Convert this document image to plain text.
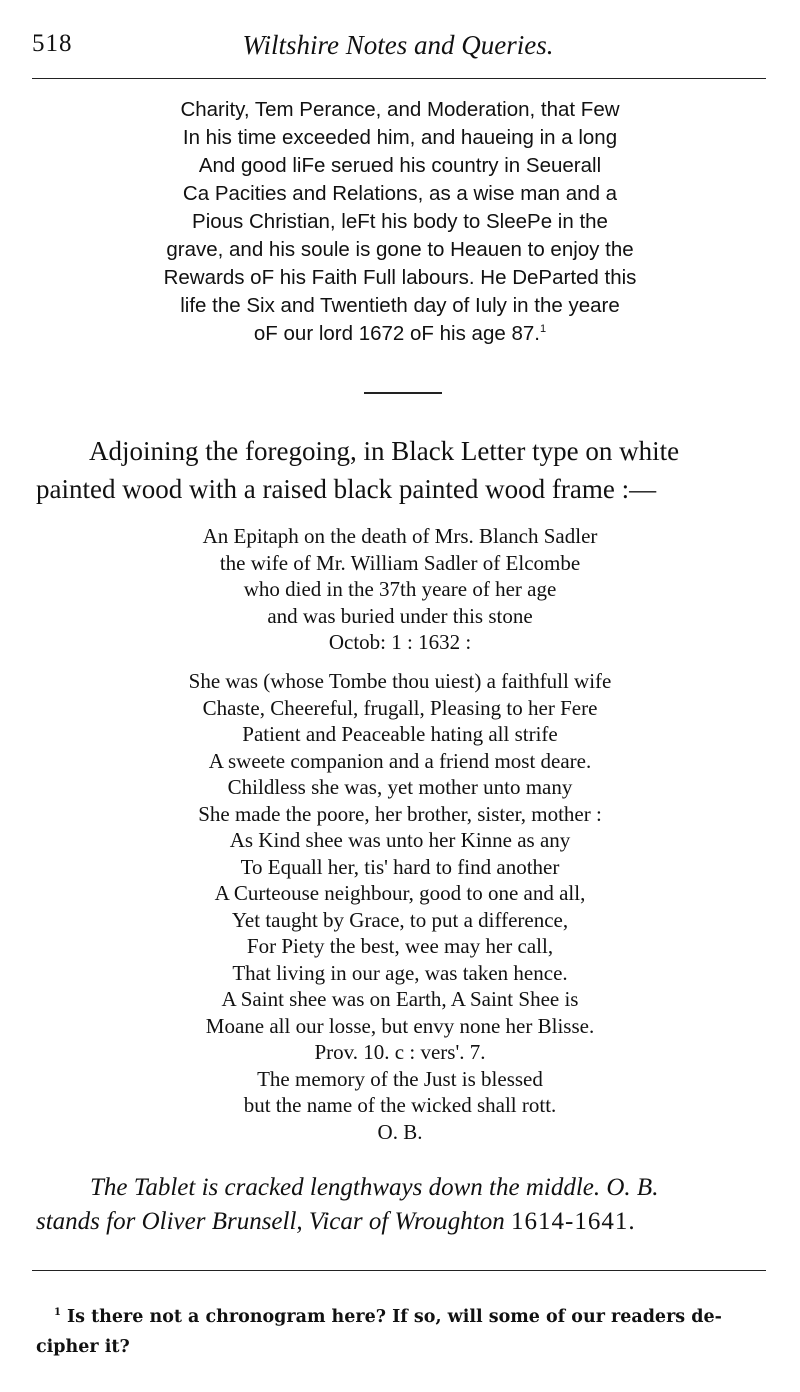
518	Wiltshire Notes and Queries.
Charity, Tem Perance, and Moderation, that Few
In his time exceeded him, and haueing in a long
And good liFe serued his country in Seuerall
Ca Pacities and Relations, as a wise man and a
Pious Christian, leFt his body to SleePe in the
grave, and his soule is gone to Heauen to enjoy the
Rewards oF his Faith Full labours. He DeParted this
life the Six and Twentieth day of Iuly in the yeare
oF our lord 1672 oF his age 87.$^1$
Adjoining the foregoing, in Black Letter type on white
painted wood with a raised black painted wood frame :—
An Epitaph on the death of Mrs. Blanch Sadler
the wife of Mr. William Sadler of Elcombe
who died in the 37th yeare of her age
and was buried under this stone
Octob: 1 : 1632 :
She was (whose Tombe thou uiest) a faithfull wife
Chaste, Cheereful, frugall, Pleasing to her Fere
Patient and Peaceable hating all strife
A sweete companion and a friend most deare.
Childless she was, yet mother unto many
She made the poore, her brother, sister, mother :
As Kind shee was unto her Kinne as any
To Equall her, tis' hard to find another
A Curteouse neighbour, good to one and all,
Yet taught by Grace, to put a difference,
For Piety the best, wee may her call,
That living in our age, was taken hence.
A Saint shee was on Earth, A Saint Shee is
Moane all our losse, but envy none her Blisse.
Prov. 10. c : vers'. 7.
The memory of the Just is blessed
but the name of the wicked shall rott.
O. B.
The Tablet is cracked lengthways down the middle. O. B.
stands for Oliver Brunsell, Vicar of Wroughton 1614-1641.
$^1$ Is there not a chronogram here? If so, will some of our readers de-
cipher it?
